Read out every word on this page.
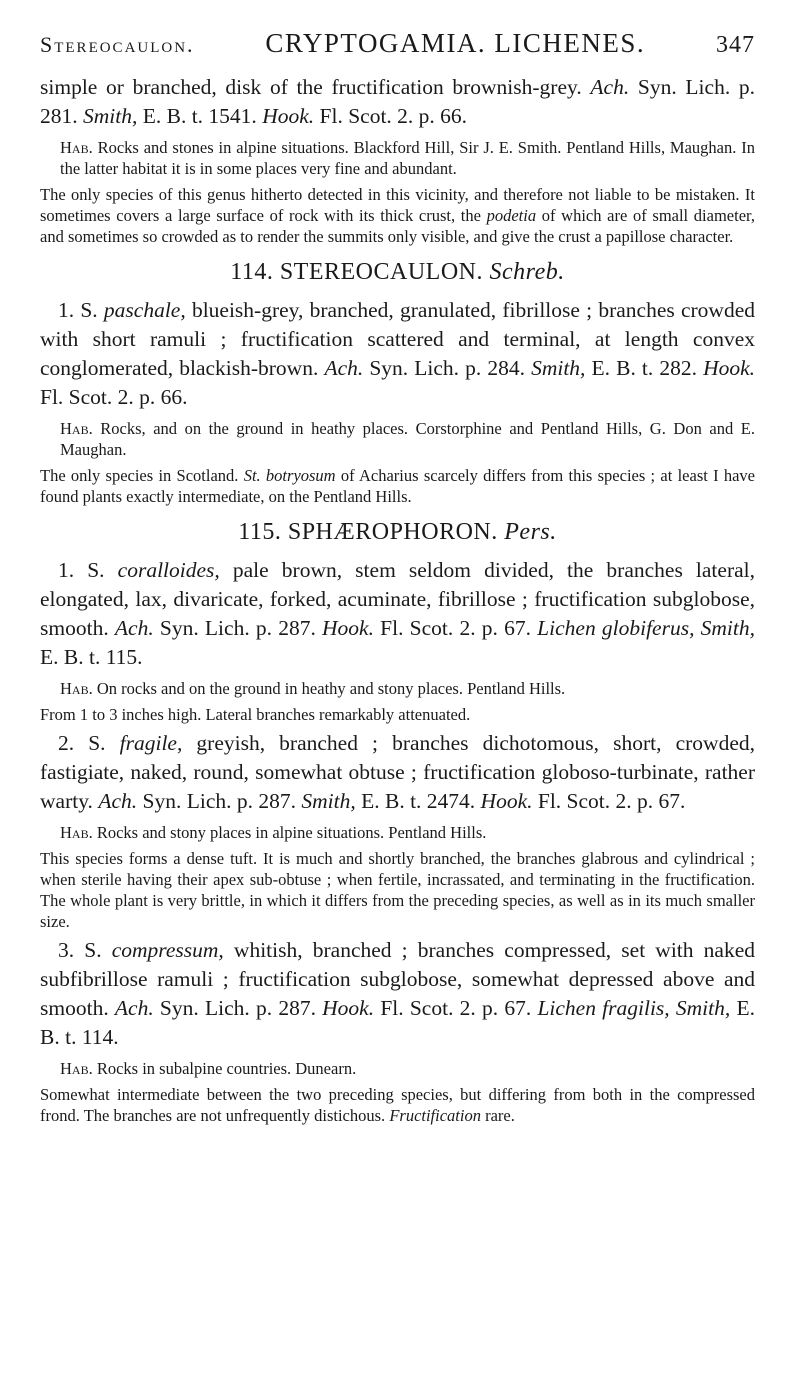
Stereocaulon.	CRYPTOGAMIA. LICHENES.	347

simple or branched, disk of the fructification brownish-grey. Ach. Syn. Lich. p. 281. Smith, E. B. t. 1541. Hook. Fl. Scot. 2. p. 66.

Hab. Rocks and stones in alpine situations. Blackford Hill, Sir J. E. Smith. Pentland Hills, Maughan. In the latter habitat it is in some places very fine and abundant.

The only species of this genus hitherto detected in this vicinity, and therefore not liable to be mistaken. It sometimes covers a large surface of rock with its thick crust, the podetia of which are of small diameter, and sometimes so crowded as to render the summits only visible, and give the crust a papillose character.

114. STEREOCAULON. Schreb.

1. S. paschale, blueish-grey, branched, granulated, fibrillose ; branches crowded with short ramuli ; fructification scattered and terminal, at length convex conglomerated, blackish-brown. Ach. Syn. Lich. p. 284. Smith, E. B. t. 282. Hook. Fl. Scot. 2. p. 66.

Hab. Rocks, and on the ground in heathy places. Corstorphine and Pentland Hills, G. Don and E. Maughan.

The only species in Scotland. St. botryosum of Acharius scarcely differs from this species ; at least I have found plants exactly intermediate, on the Pentland Hills.

115. SPHÆROPHORON. Pers.

1. S. coralloides, pale brown, stem seldom divided, the branches lateral, elongated, lax, divaricate, forked, acuminate, fibrillose ; fructification subglobose, smooth. Ach. Syn. Lich. p. 287. Hook. Fl. Scot. 2. p. 67. Lichen globiferus, Smith, E. B. t. 115.

Hab. On rocks and on the ground in heathy and stony places. Pentland Hills.

From 1 to 3 inches high. Lateral branches remarkably attenuated.

2. S. fragile, greyish, branched ; branches dichotomous, short, crowded, fastigiate, naked, round, somewhat obtuse ; fructification globoso-turbinate, rather warty. Ach. Syn. Lich. p. 287. Smith, E. B. t. 2474. Hook. Fl. Scot. 2. p. 67.

Hab. Rocks and stony places in alpine situations. Pentland Hills.

This species forms a dense tuft. It is much and shortly branched, the branches glabrous and cylindrical ; when sterile having their apex sub-obtuse ; when fertile, incrassated, and terminating in the fructification. The whole plant is very brittle, in which it differs from the preceding species, as well as in its much smaller size.

3. S. compressum, whitish, branched ; branches compressed, set with naked subfibrillose ramuli ; fructification subglobose, somewhat depressed above and smooth. Ach. Syn. Lich. p. 287. Hook. Fl. Scot. 2. p. 67. Lichen fragilis, Smith, E. B. t. 114.

Hab. Rocks in subalpine countries. Dunearn.

Somewhat intermediate between the two preceding species, but differing from both in the compressed frond. The branches are not unfrequently distichous. Fructification rare.
